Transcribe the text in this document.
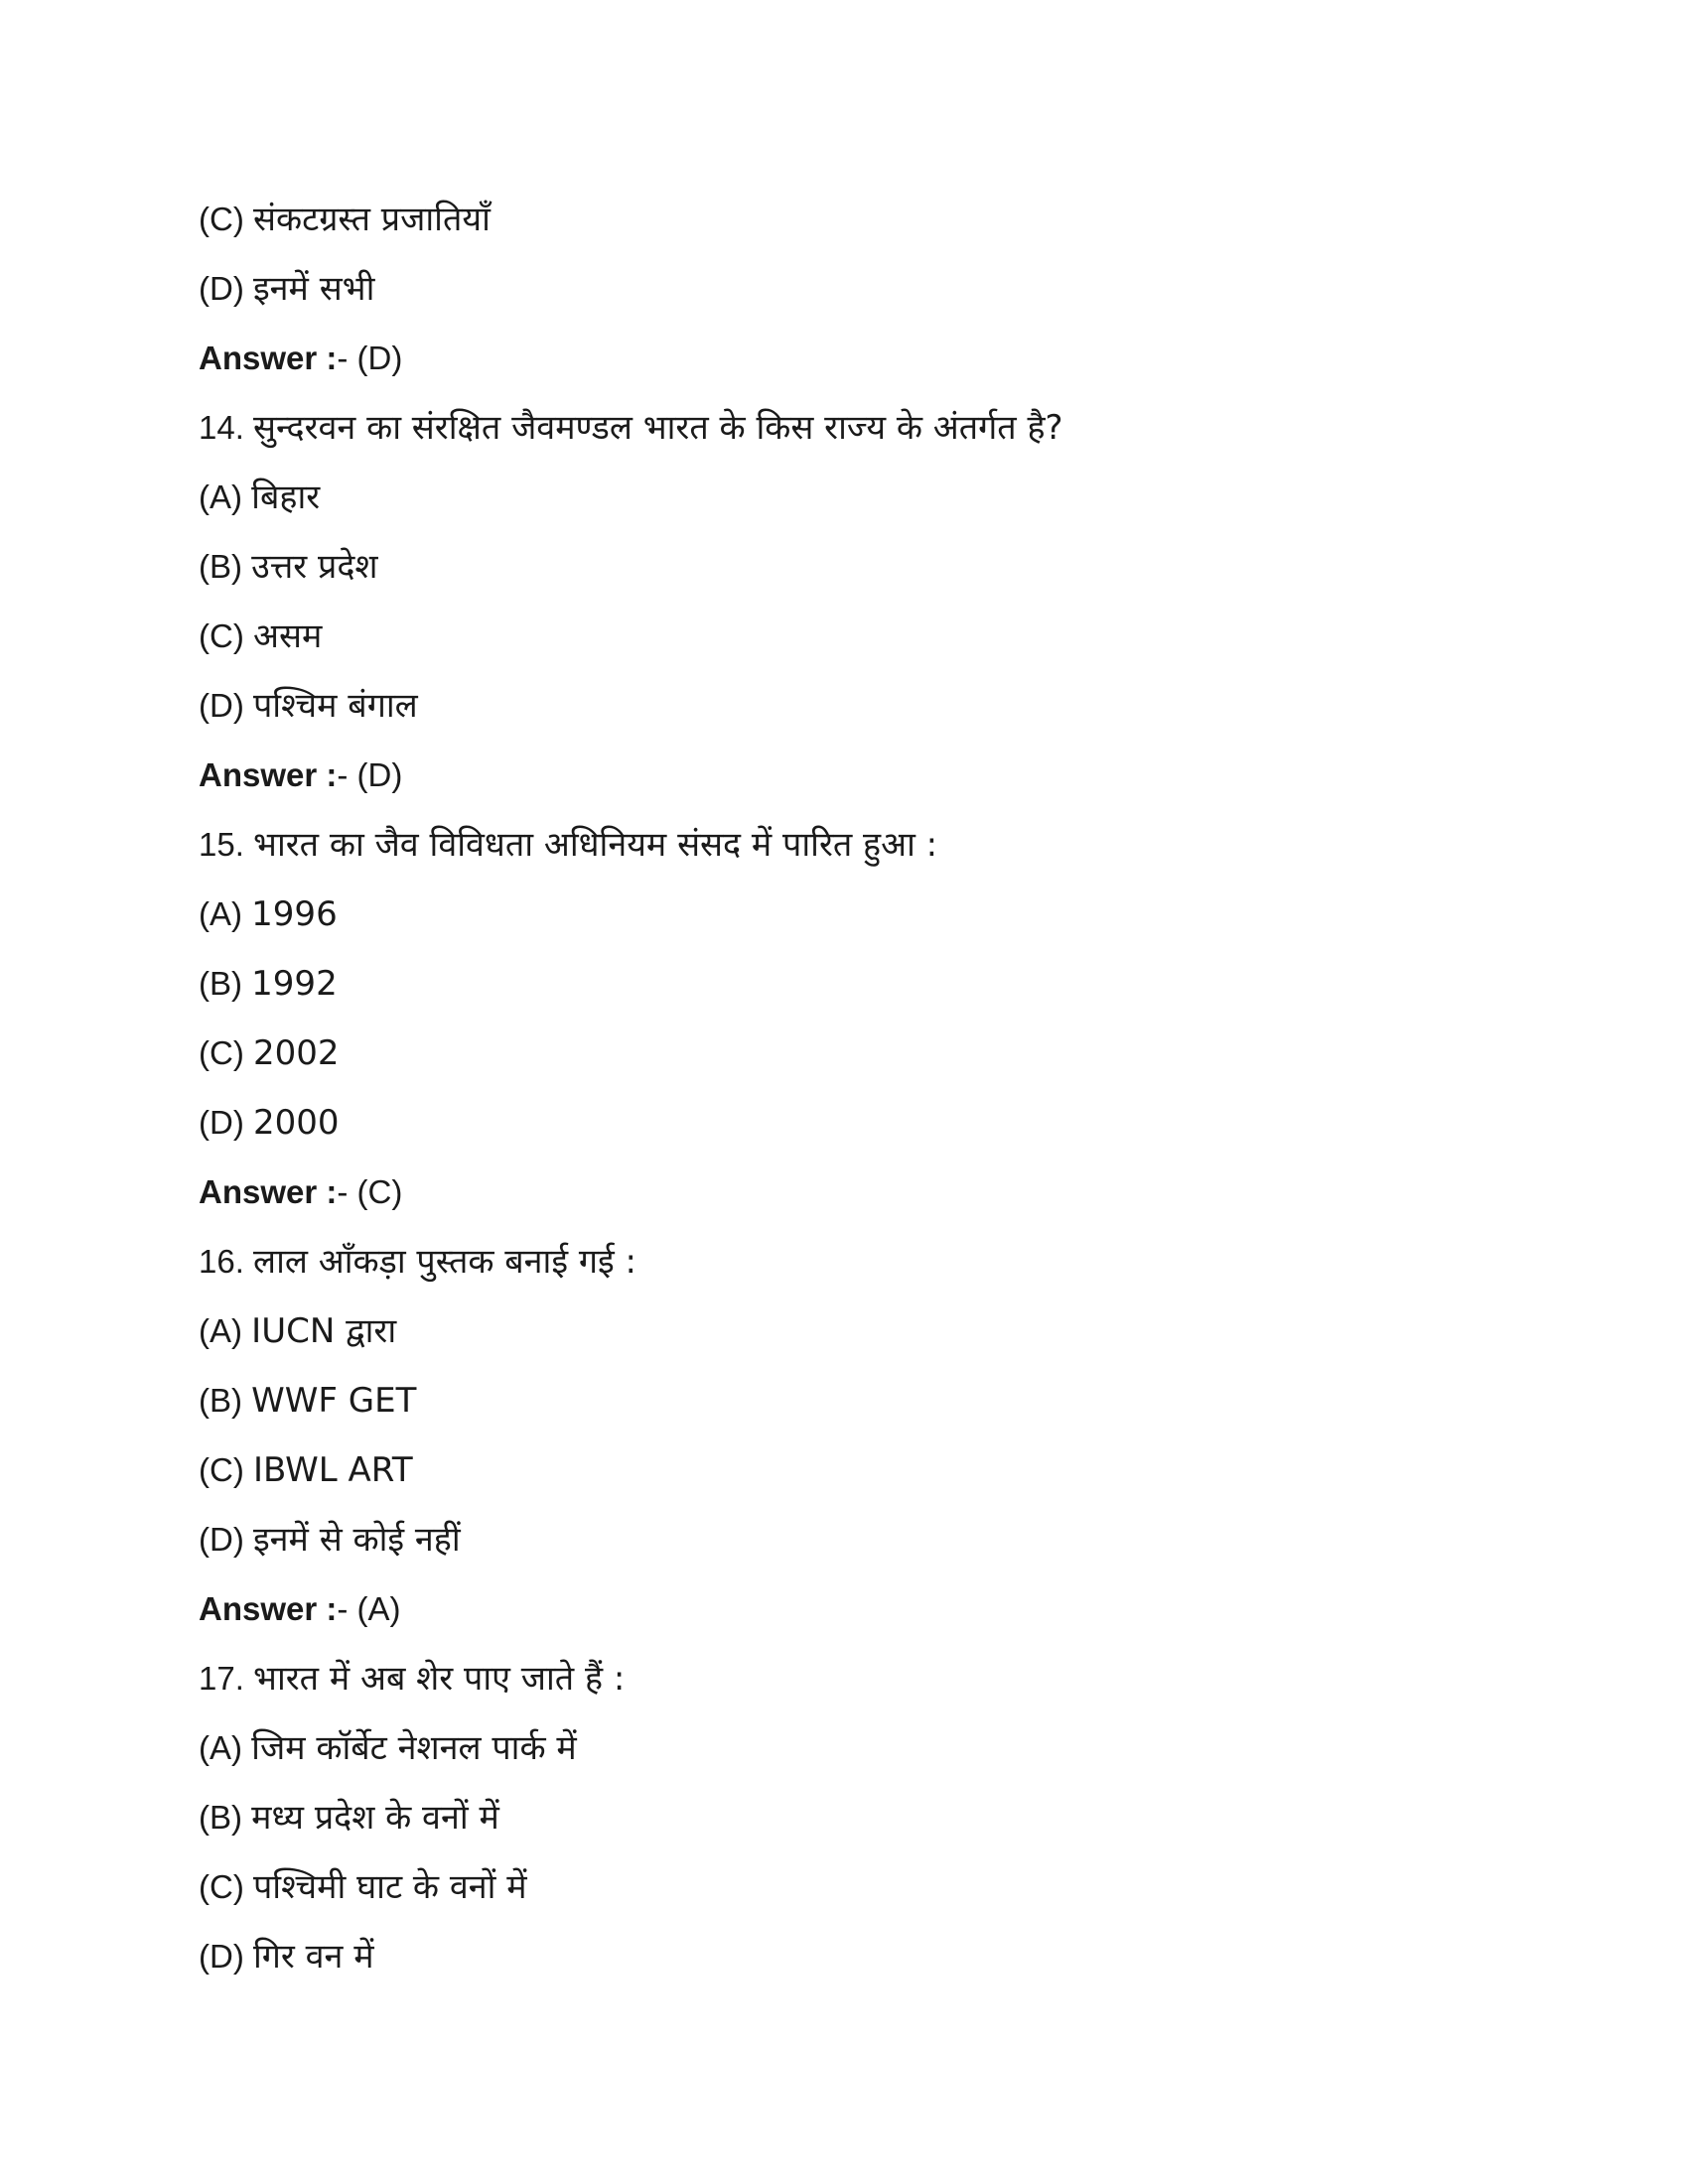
(C) संकटग्रस्त प्रजातियाँ
(D) इनमें सभी
Answer :- (D)
14. सुन्दरवन का संरक्षित जैवमण्डल भारत के किस राज्य के अंतर्गत है?
(A) बिहार
(B) उत्तर प्रदेश
(C) असम
(D) पश्चिम बंगाल
Answer :- (D)
15. भारत का जैव विविधता अधिनियम संसद में पारित हुआ :
(A) 1996
(B) 1992
(C) 2002
(D) 2000
Answer :- (C)
16. लाल आँकड़ा पुस्तक बनाई गई :
(A) IUCN द्वारा
(B) WWF GET
(C) IBWL ART
(D) इनमें से कोई नहीं
Answer :- (A)
17. भारत में अब शेर पाए जाते हैं :
(A) जिम कॉर्बेट नेशनल पार्क में
(B) मध्य प्रदेश के वनों में
(C) पश्चिमी घाट के वनों में
(D) गिर वन में
